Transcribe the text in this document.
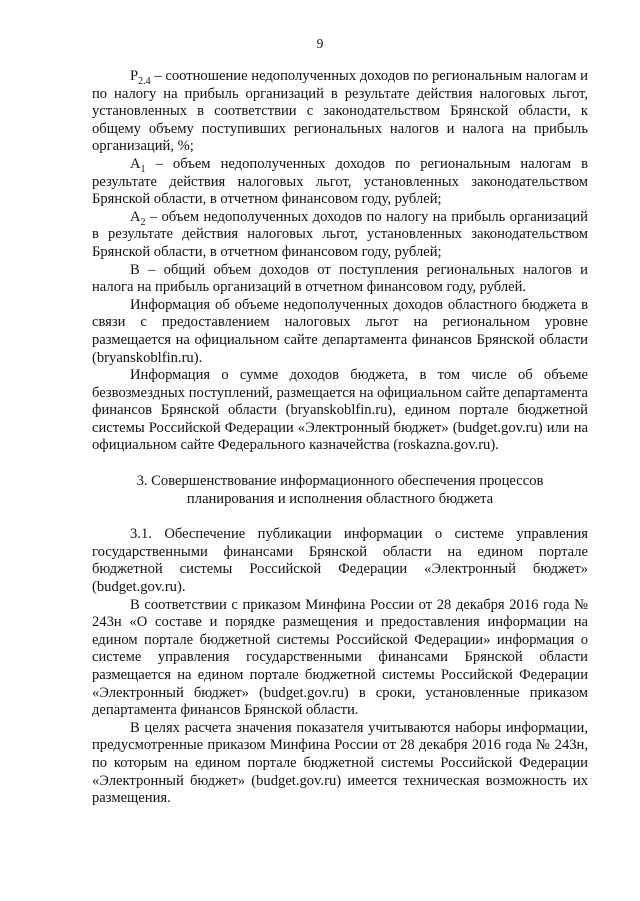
9

$P_{2.4}$ – соотношение недополученных доходов по региональным налогам и по налогу на прибыль организаций в результате действия налоговых льгот, установленных в соответствии с законодательством Брянской области, к общему объему поступивших региональных налогов и налога на прибыль организаций, %;

$А_1$ – объем недополученных доходов по региональным налогам в результате действия налоговых льгот, установленных законодательством Брянской области, в отчетном финансовом году, рублей;

$А_2$ – объем недополученных доходов по налогу на прибыль организаций в результате действия налоговых льгот, установленных законодательством Брянской области, в отчетном финансовом году, рублей;

В – общий объем доходов от поступления региональных налогов и налога на прибыль организаций в отчетном финансовом году, рублей.

Информация об объеме недополученных доходов областного бюджета в связи с предоставлением налоговых льгот на региональном уровне размещается на официальном сайте департамента финансов Брянской области (bryanskoblfin.ru).

Информация о сумме доходов бюджета, в том числе об объеме безвозмездных поступлений, размещается на официальном сайте департамента финансов Брянской области (bryanskoblfin.ru), едином портале бюджетной системы Российской Федерации «Электронный бюджет» (budget.gov.ru) или на официальном сайте Федерального казначейства (roskazna.gov.ru).

3. Совершенствование информационного обеспечения процессов планирования и исполнения областного бюджета

3.1. Обеспечение публикации информации о системе управления государственными финансами Брянской области на едином портале бюджетной системы Российской Федерации «Электронный бюджет» (budget.gov.ru).

В соответствии с приказом Минфина России от 28 декабря 2016 года № 243н «О составе и порядке размещения и предоставления информации на едином портале бюджетной системы Российской Федерации» информация о системе управления государственными финансами Брянской области размещается на едином портале бюджетной системы Российской Федерации «Электронный бюджет» (budget.gov.ru) в сроки, установленные приказом департамента финансов Брянской области.

В целях расчета значения показателя учитываются наборы информации, предусмотренные приказом Минфина России от 28 декабря 2016 года № 243н, по которым на едином портале бюджетной системы Российской Федерации «Электронный бюджет» (budget.gov.ru) имеется техническая возможность их размещения.
